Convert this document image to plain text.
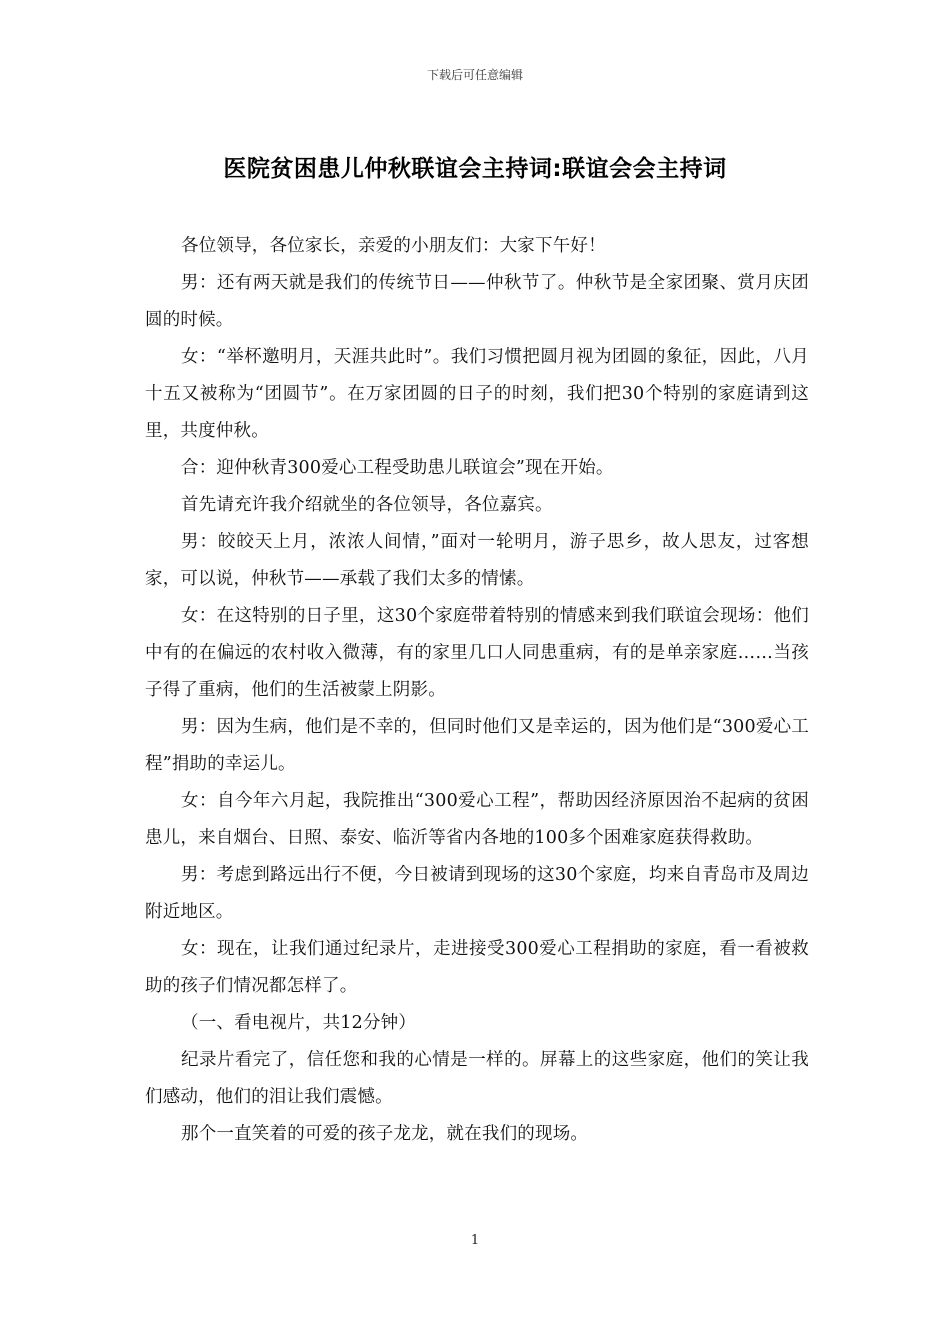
下载后可任意编辑
医院贫困患儿仲秋联谊会主持词:联谊会会主持词

各位领导，各位家长，亲爱的小朋友们：大家下午好！

男：还有两天就是我们的传统节日——仲秋节了。仲秋节是全家团聚、赏月庆团圆的时候。

女：“举杯邀明月，天涯共此时”。我们习惯把圆月视为团圆的象征，因此，八月十五又被称为“团圆节”。在万家团圆的日子的时刻，我们把30个特别的家庭请到这里，共度仲秋。

合：迎仲秋青300爱心工程受助患儿联谊会”现在开始。

首先请充许我介绍就坐的各位领导，各位嘉宾。

男：皎皎天上月，浓浓人间情，”面对一轮明月，游子思乡，故人思友，过客想家，可以说，仲秋节——承载了我们太多的情愫。

女：在这特别的日子里，这30个家庭带着特别的情感来到我们联谊会现场：他们中有的在偏远的农村收入微薄，有的家里几口人同患重病，有的是单亲家庭……当孩子得了重病，他们的生活被蒙上阴影。

男：因为生病，他们是不幸的，但同时他们又是幸运的，因为他们是“300爱心工程”捐助的幸运儿。

女：自今年六月起，我院推出“300爱心工程”，帮助因经济原因治不起病的贫困患儿，来自烟台、日照、泰安、临沂等省内各地的100多个困难家庭获得救助。

男：考虑到路远出行不便，今日被请到现场的这30个家庭，均来自青岛市及周边附近地区。

女：现在，让我们通过纪录片，走进接受300爱心工程捐助的家庭，看一看被救助的孩子们情况都怎样了。

（一、看电视片，共12分钟）

纪录片看完了，信任您和我的心情是一样的。屏幕上的这些家庭，他们的笑让我们感动，他们的泪让我们震憾。

那个一直笑着的可爱的孩子龙龙，就在我们的现场。

1
